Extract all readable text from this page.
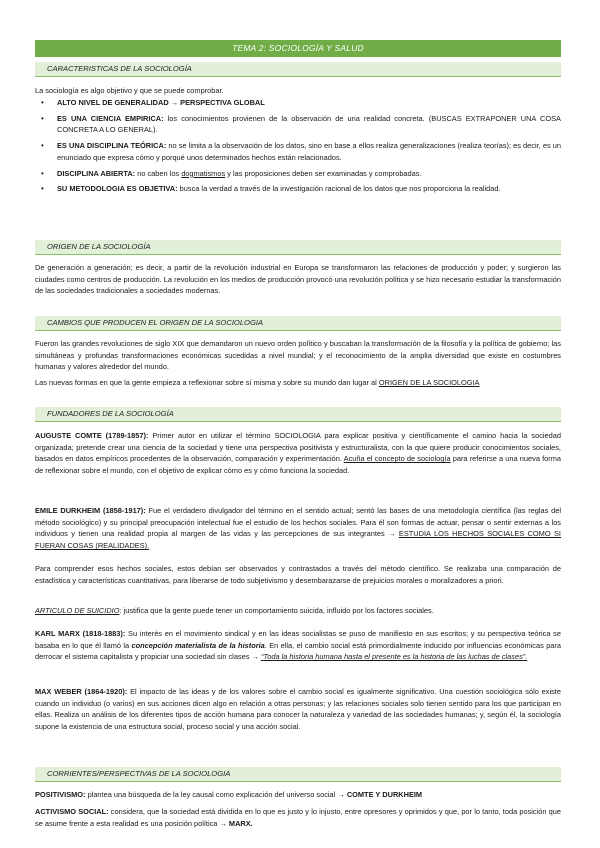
TEMA 2: SOCIOLOGÍA Y SALUD
CARACTERISTICAS DE LA SOCIOLOGÍA
La sociología es algo objetivo y que se puede comprobar.
• ALTO NIVEL DE GENERALIDAD → PERSPECTIVA GLOBAL
• ES UNA CIENCIA EMPIRICA: los conocimientos provienen de la observación de una realidad concreta. (BUSCAS EXTRAPONER UNA COSA CONCRETA A LO GENERAL).
• ES UNA DISCIPLINA TEÓRICA: no se limita a la observación de los datos, sino en base a ellos realiza generalizaciones (realiza teorías); es decir, es un enunciado que expresa cómo y porqué unos determinados hechos están relacionados.
• DISCIPLINA ABIERTA: no caben los dogmatismos y las proposiciones deben ser examinadas y comprobadas.
• SU METODOLOGIA ES OBJETIVA: busca la verdad a través de la investigación racional de los datos que nos proporciona la realidad.
ORIGEN DE LA SOCIOLOGÍA
De generación a generación; es decir, a partir de la revolución industrial en Europa se transformaron las relaciones de producción y poder; y surgieron las ciudades como centros de producción. La revolución en los medios de producción provocó una revolución política y se hizo necesario estudiar la transformación de las sociedades tradicionales a sociedades modernas.
CAMBIOS QUE PRODUCEN EL ORIGEN DE LA SOCIOLOGIA
Fueron las grandes revoluciones de siglo XIX que demandaron un nuevo orden político y buscaban la transformación de la filosofía y la política de gobierno; las simultáneas y profundas transformaciones económicas sucedidas a nivel mundial; y el reconocimiento de la amplia diversidad que existe en costumbres humanas y valores alrededor del mundo.
Las nuevas formas en que la gente empieza a reflexionar sobre sí misma y sobre su mundo dan lugar al ORIGEN DE LA SOCIOLOGIA
FUNDADORES DE LA SOCIOLOGÍA
AUGUSTE COMTE (1789-1857): Primer autor en utilizar el término SOCIOLOGIA para explicar positiva y científicamente el camino hacia la sociedad organizada; pretende crear una ciencia de la sociedad y tiene una perspectiva positivista y estructuralista, con la que quiere producir conocimientos sociales, basados en datos empíricos procedentes de la observación, comparación y experimentación. Acuña el concepto de sociología para referirse a una nueva forma de reflexionar sobre el mundo, con el objetivo de explicar cómo es y cómo funciona la sociedad.
EMILE DURKHEIM (1858-1917): Fue el verdadero divulgador del término en el sentido actual; sentó las bases de una metodología científica (las reglas del método sociológico) y su principal preocupación intelectual fue el estudio de los hechos sociales. Para él son formas de actuar, pensar o sentir externas a los individuos y tienen una realidad propia al margen de las vidas y las percepciones de sus integrantes → ESTUDIA LOS HECHOS SOCIALES COMO SI FUERAN COSAS (REALIDADES).
Para comprender esos hechos sociales, estos debían ser observados y contrastados a través del método científico. Se realizaba una comparación de estadística y características cuantitativas, para liberarse de todo subjetivismo y desembarazarse de prejuicios morales o moralizadores a priori.
ARTICULO DE SUICIDIO: justifica que la gente puede tener un comportamiento suicida, influido por los factores sociales.
KARL MARX (1818-1883): Su interés en el movimiento sindical y en las ideas socialistas se puso de manifiesto en sus escritos; y su perspectiva teórica se basaba en lo que él llamó la concepción materialista de la historia. En ella, el cambio social está primordialmente inducido por influencias económicas para derrocar el sistema capitalista y propiciar una sociedad sin clases → “Toda la historia humana hasta el presente es la historia de las luchas de clases”.
MAX WEBER (1864-1920): El impacto de las ideas y de los valores sobre el cambio social es igualmente significativo. Una cuestión sociológica sólo existe cuando un individuo (o varios) en sus acciones dicen algo en relación a otras personas; y las relaciones sociales solo tienen sentido para los que participan en ellas. Realiza un análisis de los diferentes tipos de acción humana para conocer la naturaleza y variedad de las sociedades humanas; y, según él, la sociología supone la existencia de una estructura social, proceso social y una acción social.
CORRIENTES/PERSPECTIVAS DE LA SOCIOLOGIA
POSITIVISMO: plantea una búsqueda de la ley causal como explicación del universo social → COMTE Y DURKHEIM
ACTIVISMO SOCIAL: considera, que la sociedad está dividida en lo que es justo y lo injusto, entre opresores y oprimidos y que, por lo tanto, toda posición que se asume frente a esta realidad es una posición política → MARX.
